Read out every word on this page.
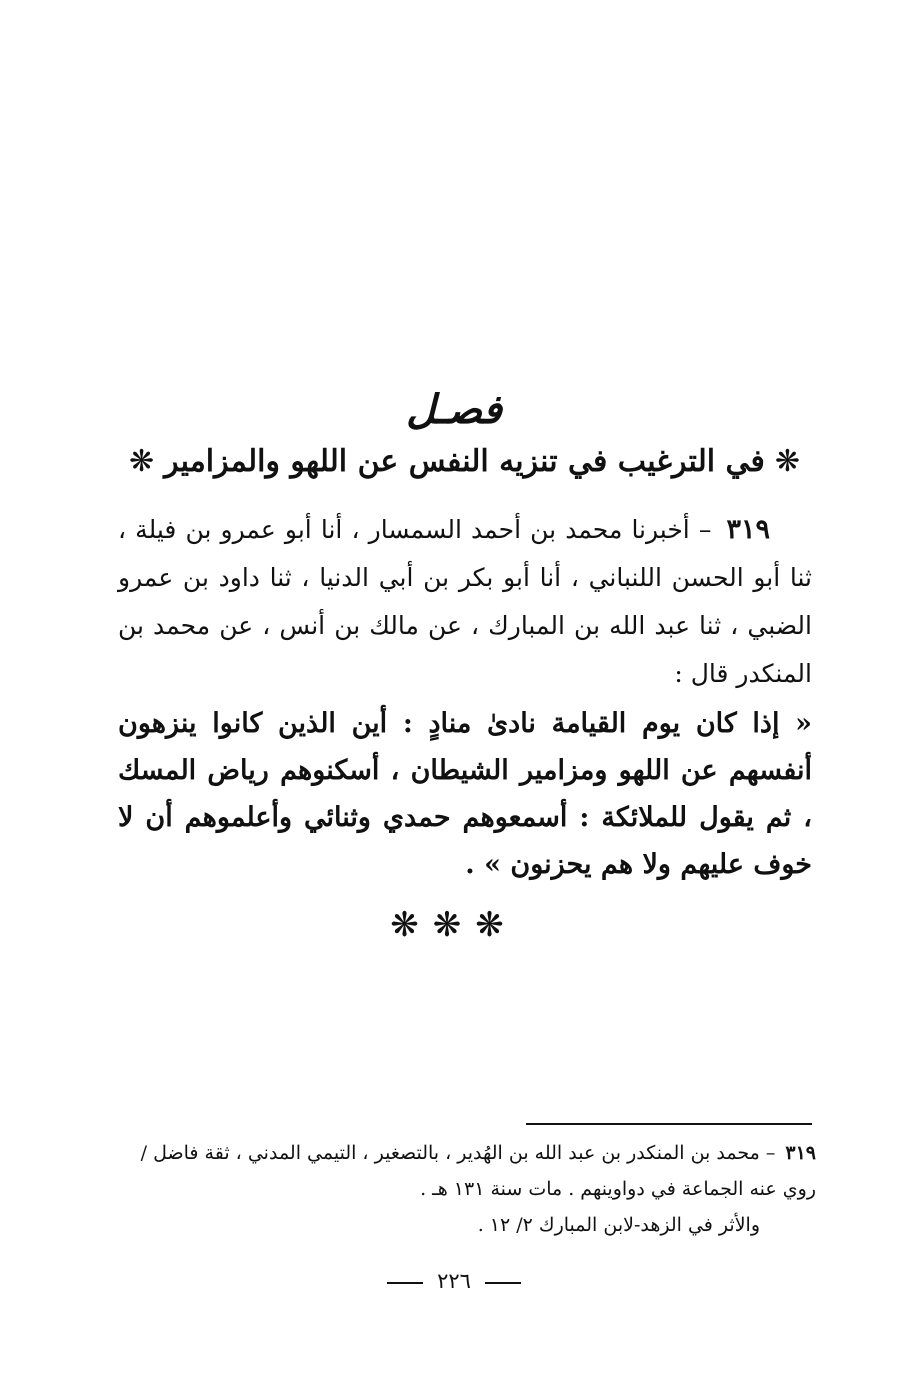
فصـل
❋في الترغيب في تنزيه النفس عن اللهو والمزامير❋
٣١٩ – أخبرنا محمد بن أحمد السمسار ، أنا أبو عمرو بن فيلة ، ثنا أبو الحسن اللنباني ، أنا أبو بكر بن أبي الدنيا ، ثنا داود بن عمرو الضبي ، ثنا عبد الله بن المبارك ، عن مالك بن أنس ، عن محمد بن المنكدر قال :
« إذا كان يوم القيامة نادىٰ منادٍ : أين الذين كانوا ينزهون أنفسهم عن اللهو ومزامير الشيطان ، أسكنوهم رياض المسك ، ثم يقول للملائكة : أسمعوهم حمدي وثنائي وأعلموهم أن لا خوف عليهم ولا هم يحزنون » .
❋❋❋

٣١٩ – محمد بن المنكدر بن عبد الله بن الهُدير ، بالتصغير ، التيمي المدني ، ثقة فاضل /

روي عنه الجماعة في دواوينهم . مات سنة ١٣١ هـ .

والأثر في الزهد-لابن المبارك ٢/ ١٢ .

٢٢٦
